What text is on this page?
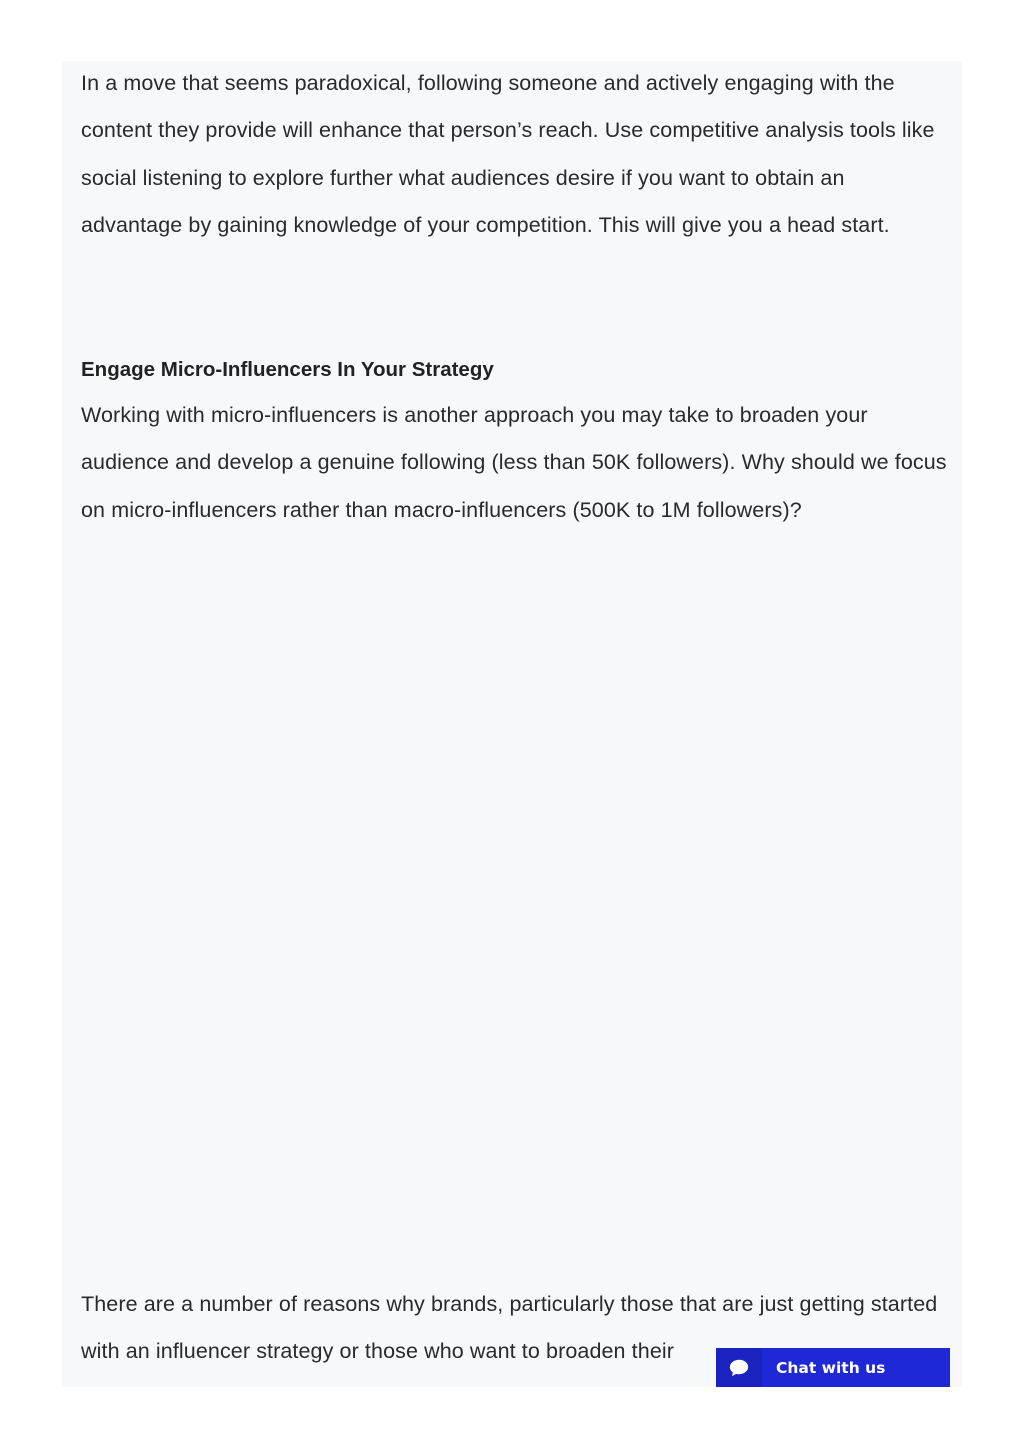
In a move that seems paradoxical, following someone and actively engaging with the content they provide will enhance that person’s reach. Use competitive analysis tools like social listening to explore further what audiences desire if you want to obtain an advantage by gaining knowledge of your competition. This will give you a head start.

Engage Micro-Influencers In Your Strategy

Working with micro-influencers is another approach you may take to broaden your audience and develop a genuine following (less than 50K followers). Why should we focus on micro-influencers rather than macro-influencers (500K to 1M followers)?

There are a number of reasons why brands, particularly those that are just getting started with an influencer strategy or those who want to broaden their

Chat with us
